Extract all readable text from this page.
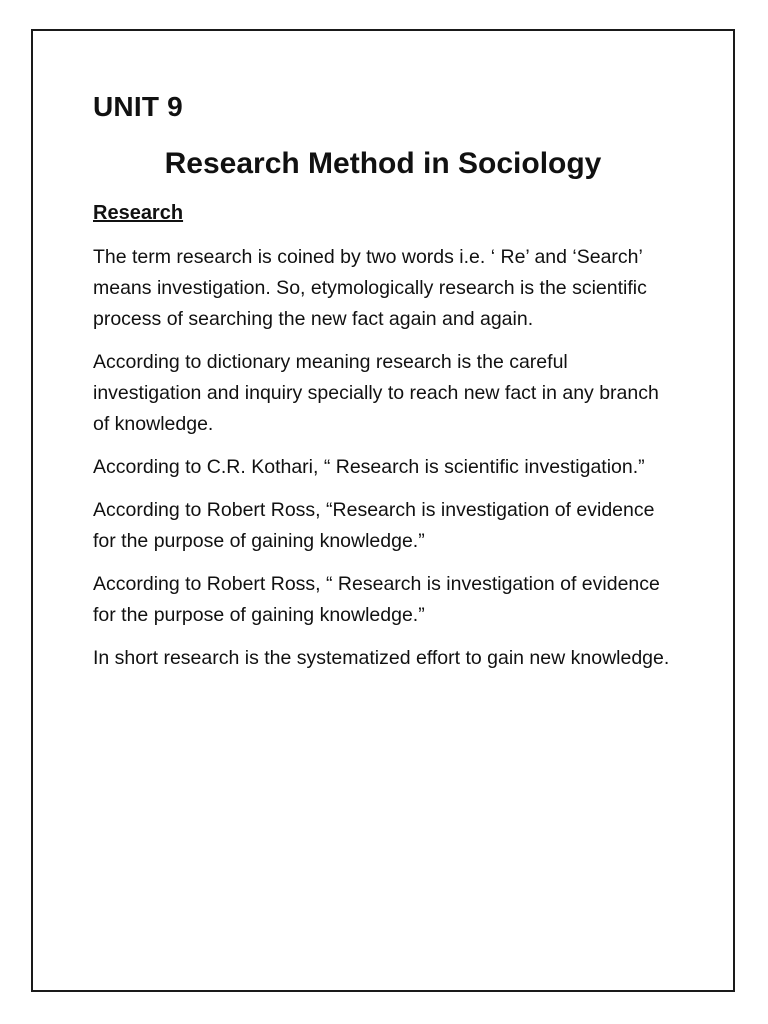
UNIT 9
Research Method in Sociology
Research

The term research is coined by two words i.e. ‘ Re’ and ‘Search’ means investigation. So, etymologically research is the scientific process of searching the new fact again and again.

According to dictionary meaning research is the careful investigation and inquiry specially to reach new fact in any branch of knowledge.

According to C.R. Kothari, “ Research is scientific investigation.”

According to Robert Ross, “Research is investigation of evidence for the purpose of gaining knowledge.”

According to Robert Ross, “ Research is investigation of evidence for the purpose of gaining knowledge.”

In short research is the systematized effort to gain new knowledge.
